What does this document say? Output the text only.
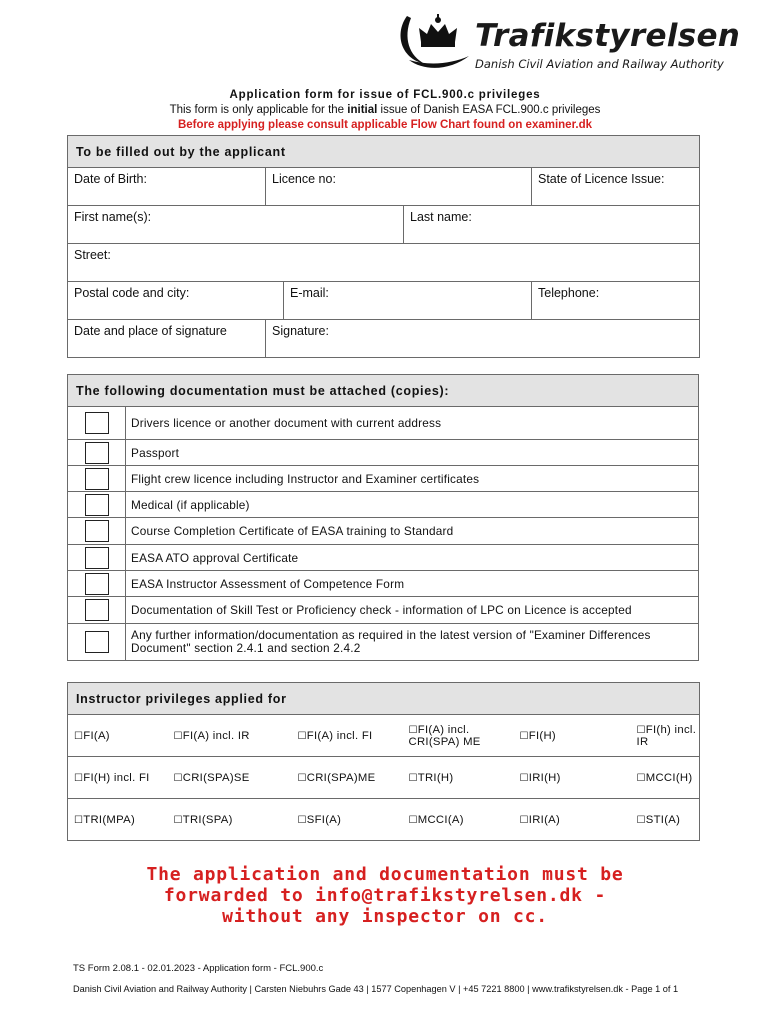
Trafikstyrelsen
Danish Civil Aviation and Railway Authority
Application form for issue of FCL.900.c privileges
This form is only applicable for the initial issue of Danish EASA FCL.900.c privileges
Before applying please consult applicable Flow Chart found on examiner.dk
To be filled out by the applicant				
Date of Birth:	Licence no:			State of Licence Issue:
First name(s):			Last name:	
Street:				
Postal code and city:		E-mail:		Telephone:
Date and place of signature	Signature:			
The following documentation must be attached (copies):	
	Drivers licence or another document with current address
	Passport
	Flight crew licence including Instructor and Examiner certificates
	Medical (if applicable)
	Course Completion Certificate of EASA training to Standard
	EASA ATO approval Certificate
	EASA Instructor Assessment of Competence Form
	Documentation of Skill Test or Proficiency check - information of LPC on Licence is accepted
	Any further information/documentation as required in the latest version of "Examiner Differences Document" section 2.4.1 and section 2.4.2
Instructor privileges applied for					
☐FI(A)	☐FI(A) incl. IR	☐FI(A) incl. FI	☐FI(A) incl. CRI(SPA) ME	☐FI(H)	☐FI(h) incl. IR
☐FI(H) incl. FI	☐CRI(SPA)SE	☐CRI(SPA)ME	☐TRI(H)	☐IRI(H)	☐MCCI(H)
☐TRI(MPA)	☐TRI(SPA)	☐SFI(A)	☐MCCI(A)	☐IRI(A)	☐STI(A)
The application and documentation must be forwarded to info@trafikstyrelsen.dk - without any inspector on cc.
TS Form 2.08.1 - 02.01.2023 - Application form - FCL.900.c
Danish Civil Aviation and Railway Authority | Carsten Niebuhrs Gade 43 | 1577 Copenhagen V | +45 7221 8800 | www.trafikstyrelsen.dk - Page 1 of 1
